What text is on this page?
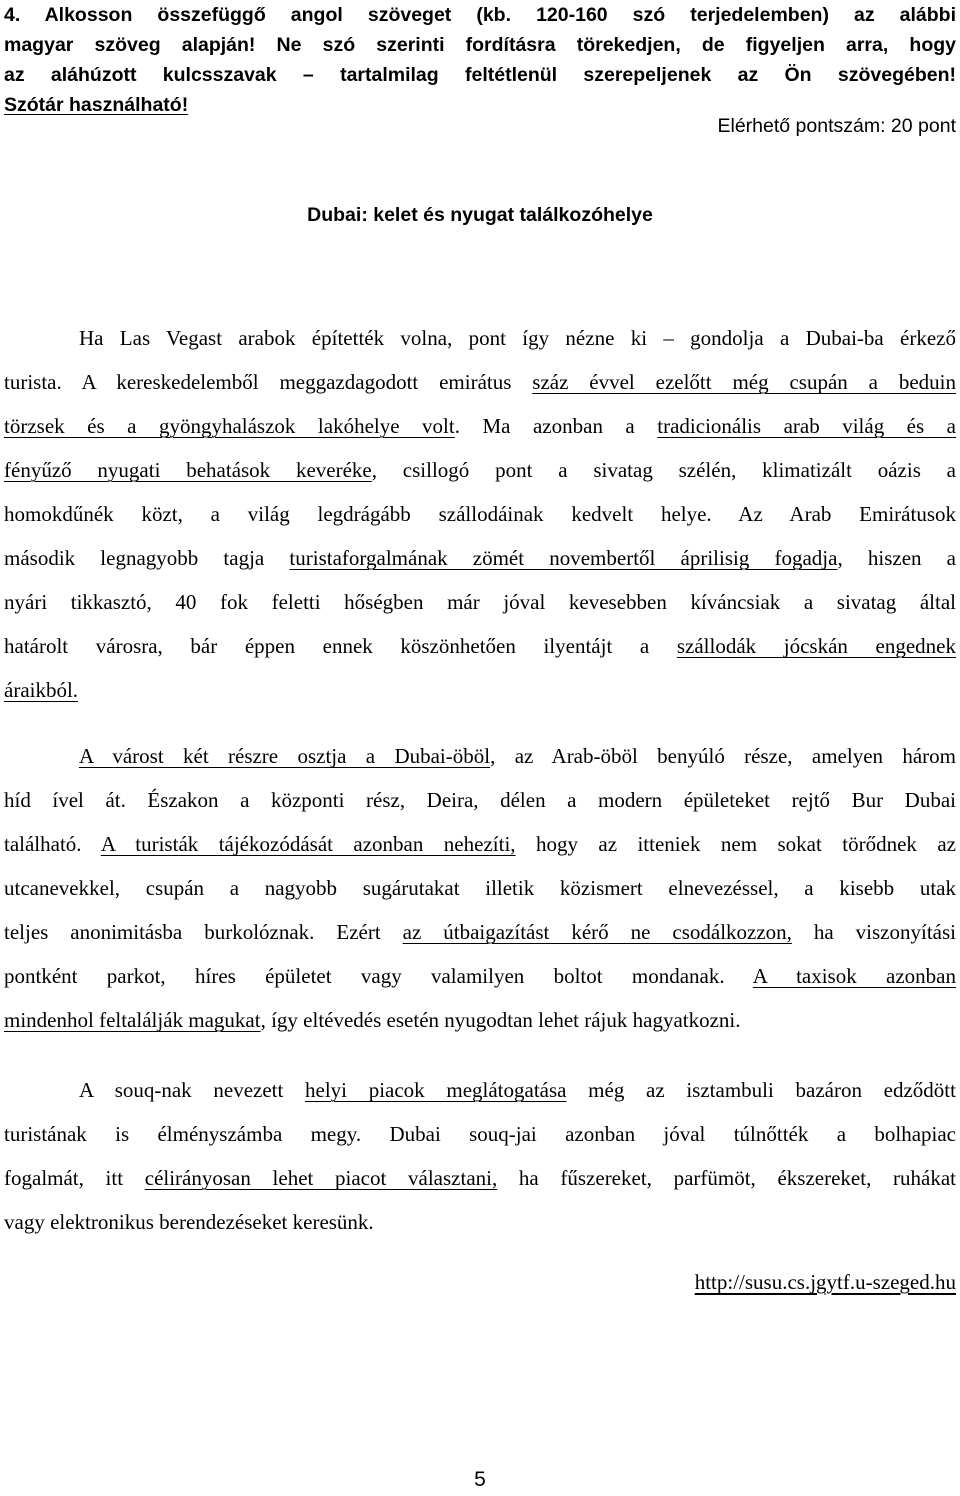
4. Alkosson összefüggő angol szöveget (kb. 120-160 szó terjedelemben) az alábbi
magyar szöveg alapján! Ne szó szerinti fordításra törekedjen, de figyeljen arra, hogy
az aláhúzott kulcsszavak – tartalmilag feltétlenül szerepeljenek az Ön szövegében!
Szótár használható!

Elérhető pontszám: 20 pont

Dubai: kelet és nyugat találkozóhelye
Ha Las Vegast arabok építették volna, pont így nézne ki – gondolja a Dubai-ba érkező
turista. A kereskedelemből meggazdagodott emirátus száz évvel ezelőtt még csupán a beduin
törzsek és a gyöngyhalászok lakóhelye volt. Ma azonban a tradicionális arab világ és a
fényűző nyugati behatások keveréke, csillogó pont a sivatag szélén, klimatizált oázis a
homokdűnék közt, a világ legdrágább szállodáinak kedvelt helye. Az Arab Emirátusok
második legnagyobb tagja turistaforgalmának zömét novembertől áprilisig fogadja, hiszen a
nyári tikkasztó, 40 fok feletti hőségben már jóval kevesebben kíváncsiak a sivatag által
határolt városra, bár éppen ennek köszönhetően ilyentájt a szállodák jócskán engednek
áraikból.
A várost két részre osztja a Dubai-öböl, az Arab-öböl benyúló része, amelyen három
híd ível át. Északon a központi rész, Deira, délen a modern épületeket rejtő Bur Dubai
található. A turisták tájékozódását azonban nehezíti, hogy az itteniek nem sokat törődnek az
utcanevekkel, csupán a nagyobb sugárutakat illetik közismert elnevezéssel, a kisebb utak
teljes anonimitásba burkolóznak. Ezért az útbaigazítást kérő ne csodálkozzon, ha viszonyítási
pontként parkot, híres épületet vagy valamilyen boltot mondanak. A taxisok azonban
mindenhol feltalálják magukat, így eltévedés esetén nyugodtan lehet rájuk hagyatkozni.
A souq-nak nevezett helyi piacok meglátogatása még az isztambuli bazáron edződött
turistának is élményszámba megy. Dubai souq-jai azonban jóval túlnőtték a bolhapiac
fogalmát, itt célirányosan lehet piacot választani, ha fűszereket, parfümöt, ékszereket, ruhákat
vagy elektronikus berendezéseket keresünk.
http://susu.cs.jgytf.u-szeged.hu

5
